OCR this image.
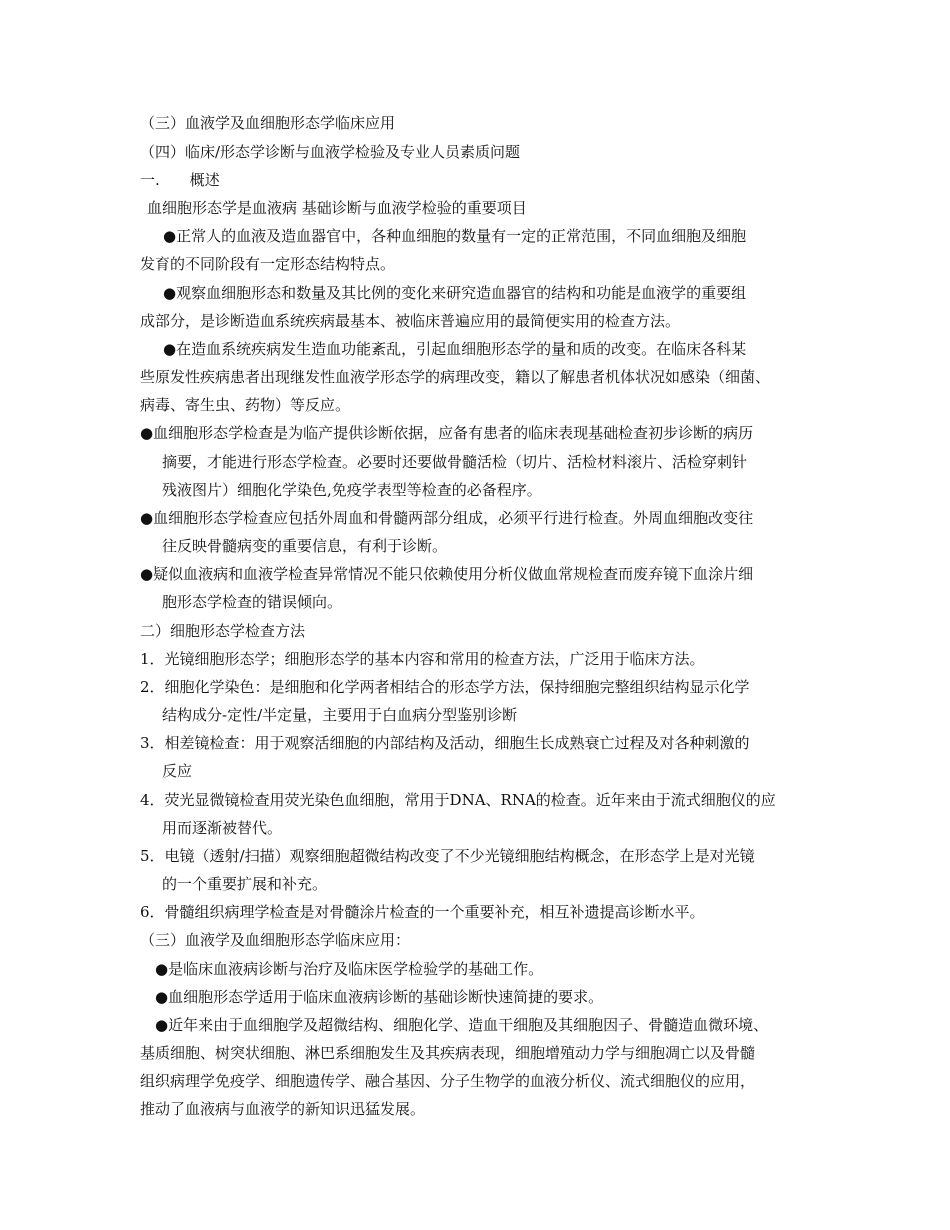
（三）血液学及血细胞形态学临床应用
（四）临床/形态学诊断与血液学检验及专业人员素质问题
一.　　概述
血细胞形态学是血液病 基础诊断与血液学检验的重要项目
●正常人的血液及造血器官中，各种血细胞的数量有一定的正常范围，不同血细胞及细胞
发育的不同阶段有一定形态结构特点。
●观察血细胞形态和数量及其比例的变化来研究造血器官的结构和功能是血液学的重要组
成部分，是诊断造血系统疾病最基本、被临床普遍应用的最简便实用的检查方法。
●在造血系统疾病发生造血功能紊乱，引起血细胞形态学的量和质的改变。在临床各科某
些原发性疾病患者出现继发性血液学形态学的病理改变，籍以了解患者机体状况如感染（细菌、
病毒、寄生虫、药物）等反应。
●血细胞形态学检查是为临产提供诊断依据，应备有患者的临床表现基础检查初步诊断的病历
摘要，才能进行形态学检查。必要时还要做骨髓活检（切片、活检材料滚片、活检穿刺针
残液图片）细胞化学染色,免疫学表型等检查的必备程序。
●血细胞形态学检查应包括外周血和骨髓两部分组成，必须平行进行检查。外周血细胞改变往
往反映骨髓病变的重要信息，有利于诊断。
●疑似血液病和血液学检查异常情况不能只依赖使用分析仪做血常规检查而废弃镜下血涂片细
胞形态学检查的错误倾向。
二）细胞形态学检查方法
1．光镜细胞形态学；细胞形态学的基本内容和常用的检查方法，广泛用于临床方法。
2．细胞化学染色：是细胞和化学两者相结合的形态学方法，保持细胞完整组织结构显示化学
结构成分-定性/半定量，主要用于白血病分型鉴别诊断
3．相差镜检查：用于观察活细胞的内部结构及活动，细胞生长成熟衰亡过程及对各种刺激的
反应
4．荧光显微镜检查用荧光染色血细胞，常用于DNA、RNA的检查。近年来由于流式细胞仪的应
用而逐渐被替代。
5．电镜（透射/扫描）观察细胞超微结构改变了不少光镜细胞结构概念，在形态学上是对光镜
的一个重要扩展和补充。
6．骨髓组织病理学检查是对骨髓涂片检查的一个重要补充，相互补遗提高诊断水平。
（三）血液学及血细胞形态学临床应用：
●是临床血液病诊断与治疗及临床医学检验学的基础工作。
●血细胞形态学适用于临床血液病诊断的基础诊断快速简捷的要求。
●近年来由于血细胞学及超微结构、细胞化学、造血干细胞及其细胞因子、骨髓造血微环境、
基质细胞、树突状细胞、淋巴系细胞发生及其疾病表现，细胞增殖动力学与细胞凋亡以及骨髓
组织病理学免疫学、细胞遗传学、融合基因、分子生物学的血液分析仪、流式细胞仪的应用，
推动了血液病与血液学的新知识迅猛发展。
